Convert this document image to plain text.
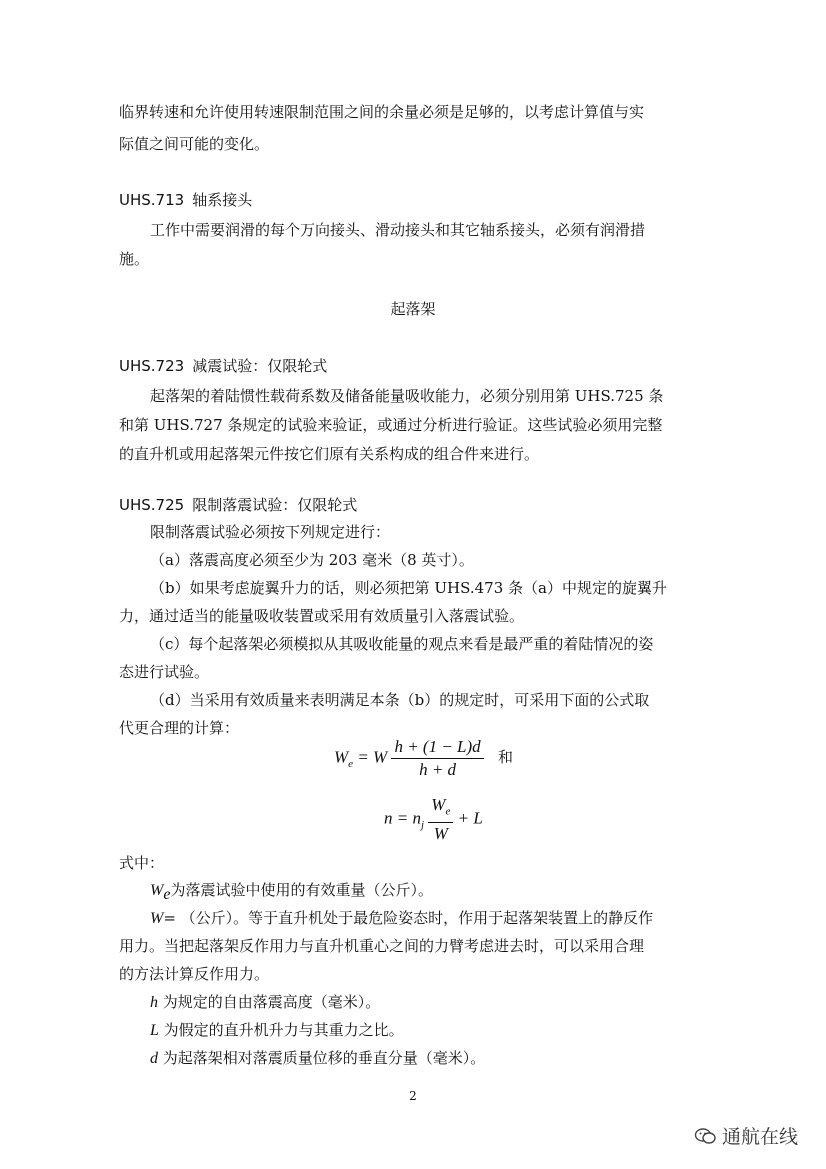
临界转速和允许使用转速限制范围之间的余量必须是足够的，以考虑计算值与实
际值之间可能的变化。
UHS.713 轴系接头
工作中需要润滑的每个万向接头、滑动接头和其它轴系接头，必须有润滑措
施。
起落架
UHS.723 减震试验：仅限轮式
起落架的着陆惯性载荷系数及储备能量吸收能力，必须分别用第 UHS.725 条
和第 UHS.727 条规定的试验来验证，或通过分析进行验证。这些试验必须用完整
的直升机或用起落架元件按它们原有关系构成的组合件来进行。
UHS.725 限制落震试验：仅限轮式
限制落震试验必须按下列规定进行：
（a）落震高度必须至少为 203 毫米（8 英寸）。
（b）如果考虑旋翼升力的话，则必须把第 UHS.473 条（a）中规定的旋翼升
力，通过适当的能量吸收装置或采用有效质量引入落震试验。
（c）每个起落架必须模拟从其吸收能量的观点来看是最严重的着陆情况的姿
态进行试验。
（d）当采用有效质量来表明满足本条（b）的规定时，可采用下面的公式取
代更合理的计算：
$W_e = W \frac{h + (1 - L)d}{h + d}$ 和
$n = n_j \frac{W_e}{W} + L$
式中：
$W_e$为落震试验中使用的有效重量（公斤）。
W= （公斤）。等于直升机处于最危险姿态时，作用于起落架装置上的静反作
用力。当把起落架反作用力与直升机重心之间的力臂考虑进去时，可以采用合理
的方法计算反作用力。
h 为规定的自由落震高度（毫米）。
L 为假定的直升机升力与其重力之比。
d 为起落架相对落震质量位移的垂直分量（毫米）。
2
通航在线
